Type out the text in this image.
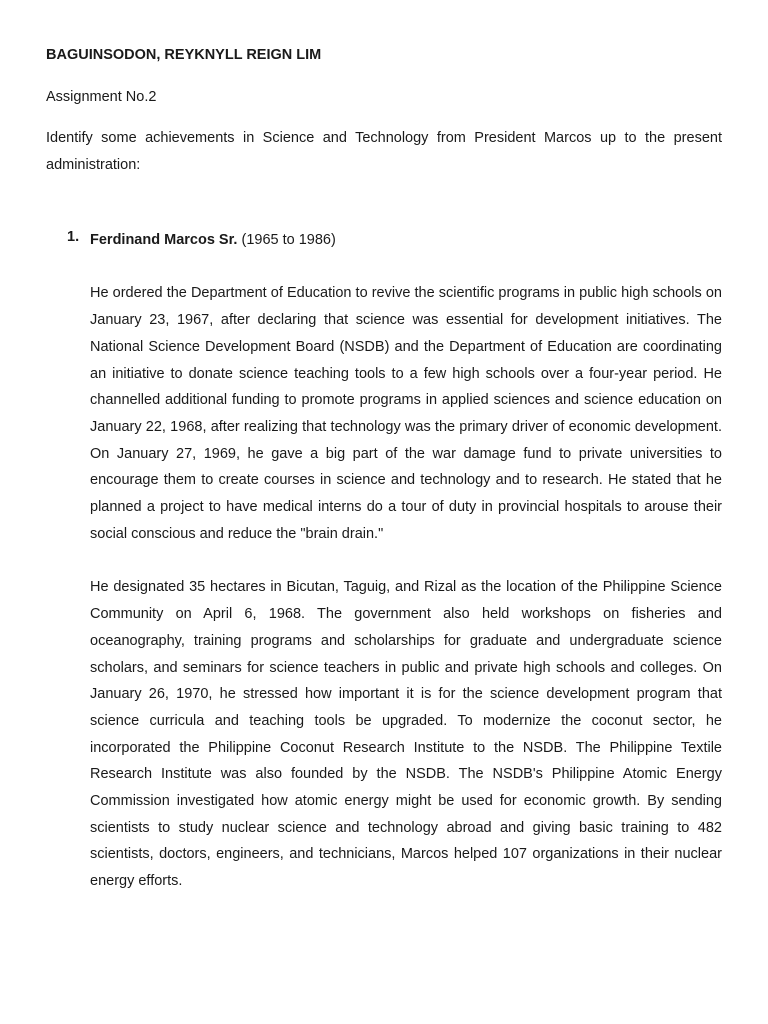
BAGUINSODON, REYKNYLL REIGN LIM

Assignment No.2

Identify some achievements in Science and Technology from President Marcos up to the present administration:

1. Ferdinand Marcos Sr. (1965 to 1986)

He ordered the Department of Education to revive the scientific programs in public high schools on January 23, 1967, after declaring that science was essential for development initiatives. The National Science Development Board (NSDB) and the Department of Education are coordinating an initiative to donate science teaching tools to a few high schools over a four-year period. He channelled additional funding to promote programs in applied sciences and science education on January 22, 1968, after realizing that technology was the primary driver of economic development. On January 27, 1969, he gave a big part of the war damage fund to private universities to encourage them to create courses in science and technology and to research. He stated that he planned a project to have medical interns do a tour of duty in provincial hospitals to arouse their social conscious and reduce the "brain drain."

He designated 35 hectares in Bicutan, Taguig, and Rizal as the location of the Philippine Science Community on April 6, 1968. The government also held workshops on fisheries and oceanography, training programs and scholarships for graduate and undergraduate science scholars, and seminars for science teachers in public and private high schools and colleges. On January 26, 1970, he stressed how important it is for the science development program that science curricula and teaching tools be upgraded. To modernize the coconut sector, he incorporated the Philippine Coconut Research Institute to the NSDB. The Philippine Textile Research Institute was also founded by the NSDB. The NSDB's Philippine Atomic Energy Commission investigated how atomic energy might be used for economic growth. By sending scientists to study nuclear science and technology abroad and giving basic training to 482 scientists, doctors, engineers, and technicians, Marcos helped 107 organizations in their nuclear energy efforts.
